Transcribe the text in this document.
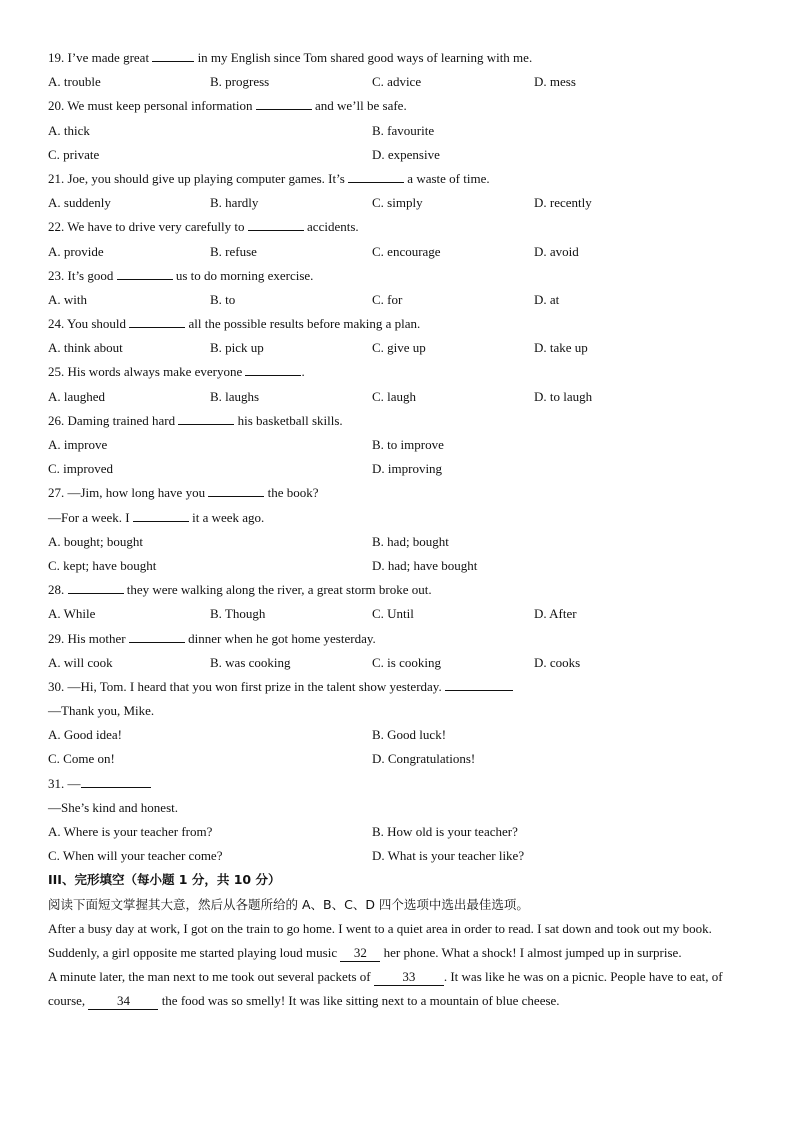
19. I’ve made great	in my English since Tom shared good ways of learning with me.
A. trouble	B. progress	C. advice	D. mess
20. We must keep personal information	and we’ll be safe.
A. thick	B. favourite
C. private	D. expensive
21. Joe, you should give up playing computer games. It’s	a waste of time.
A. suddenly	B. hardly	C. simply	D. recently
22. We have to drive very carefully to	accidents.
A. provide	B. refuse	C. encourage	D. avoid
23. It’s good	us to do morning exercise.
A. with	B. to	C. for	D. at
24. You should	all the possible results before making a plan.
A. think about	B. pick up	C. give up	D. take up
25. His words always make everyone	.
A. laughed	B. laughs	C. laugh	D. to laugh
26. Daming trained hard	his basketball skills.
A. improve	B. to improve
C. improved	D. improving
27. —Jim, how long have you	the book?
—For a week. I	it a week ago.
A. bought; bought	B. had; bought
C. kept; have bought	D. had; have bought
28.	they were walking along the river, a great storm broke out.
A. While	B. Though	C. Until	D. After
29. His mother	dinner when he got home yesterday.
A. will cook	B. was cooking	C. is cooking	D. cooks
30. —Hi, Tom. I heard that you won first prize in the talent show yesterday.
—Thank you, Mike.
A. Good idea!	B. Good luck!
C. Come on!	D. Congratulations!
31. —
—She’s kind and honest.
A. Where is your teacher from?	B. How old is your teacher?
C. When will your teacher come?	D. What is your teacher like?
III、完形填空（每小题 1 分，共 10 分）
阅读下面短文掌握其大意，然后从各题所给的 A、B、C、D 四个选项中选出最佳选项。
After a busy day at work, I got on the train to go home. I went to a quiet area in order to read. I sat down and took out my book.
Suddenly, a girl opposite me started playing loud music 32 her phone. What a shock! I almost jumped up in surprise.
A minute later, the man next to me took out several packets of 33 . It was like he was on a picnic. People have to eat, of course, 34 the food was so smelly! It was like sitting next to a mountain of blue cheese.
